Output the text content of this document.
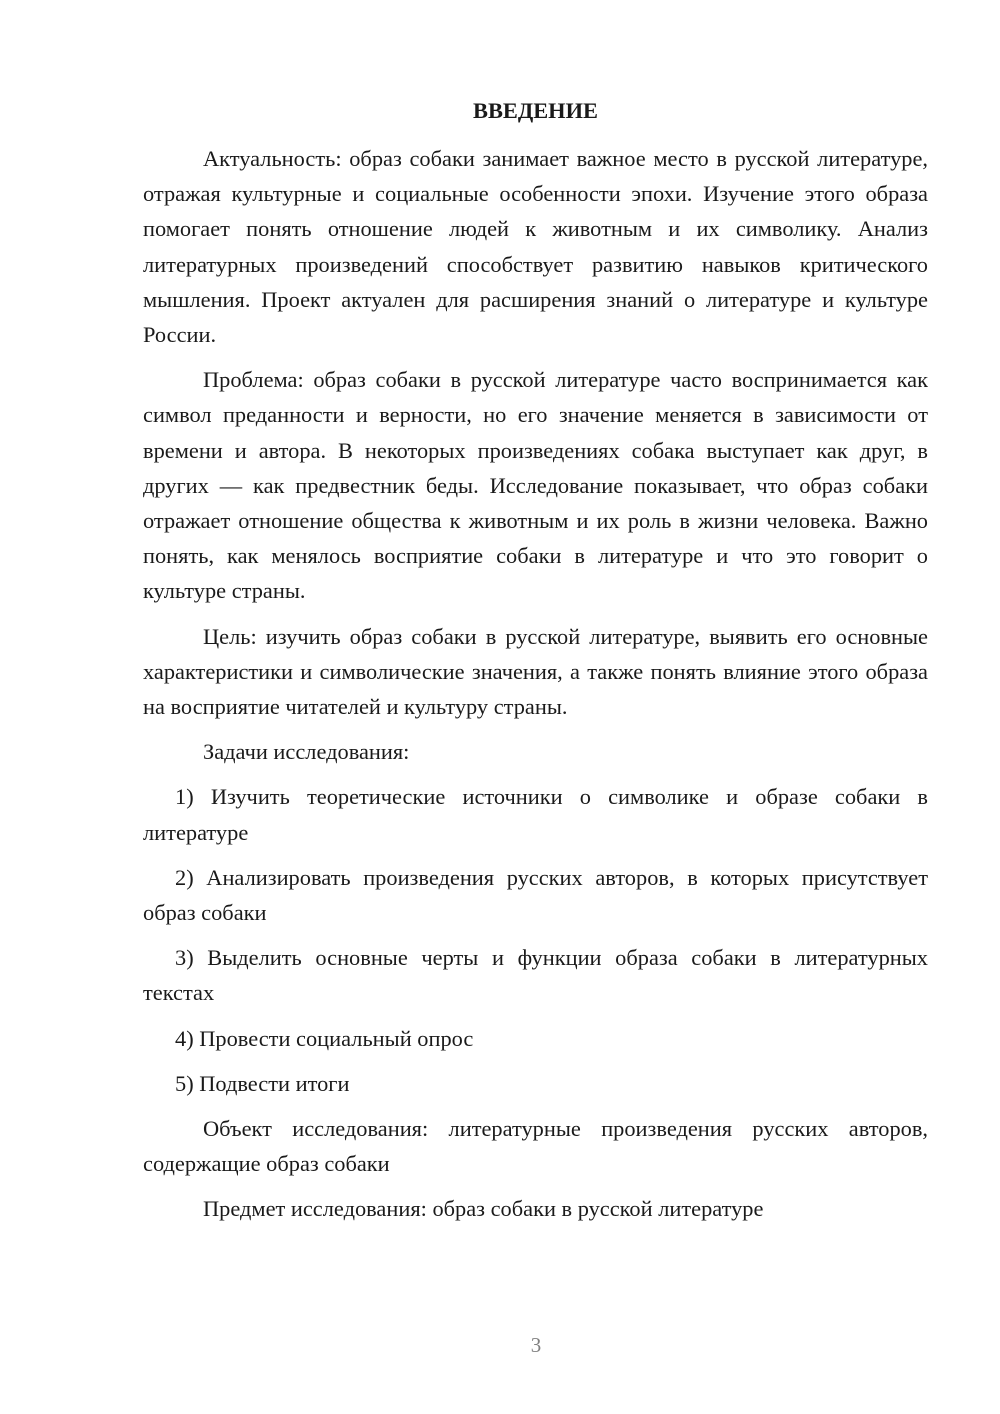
ВВЕДЕНИЕ

Актуальность: образ собаки занимает важное место в русской литературе, отражая культурные и социальные особенности эпохи. Изучение этого образа помогает понять отношение людей к животным и их символику. Анализ литературных произведений способствует развитию навыков критического мышления. Проект актуален для расширения знаний о литературе и культуре России.

Проблема: образ собаки в русской литературе часто воспринимается как символ преданности и верности, но его значение меняется в зависимости от времени и автора. В некоторых произведениях собака выступает как друг, в других — как предвестник беды. Исследование показывает, что образ собаки отражает отношение общества к животным и их роль в жизни человека. Важно понять, как менялось восприятие собаки в литературе и что это говорит о культуре страны.

Цель: изучить образ собаки в русской литературе, выявить его основные характеристики и символические значения, а также понять влияние этого образа на восприятие читателей и культуру страны.

Задачи исследования:

1) Изучить теоретические источники о символике и образе собаки в литературе

2) Анализировать произведения русских авторов, в которых присутствует образ собаки

3) Выделить основные черты и функции образа собаки в литературных текстах

4) Провести социальный опрос

5) Подвести итоги

Объект исследования: литературные произведения русских авторов, содержащие образ собаки

Предмет исследования: образ собаки в русской литературе

3
